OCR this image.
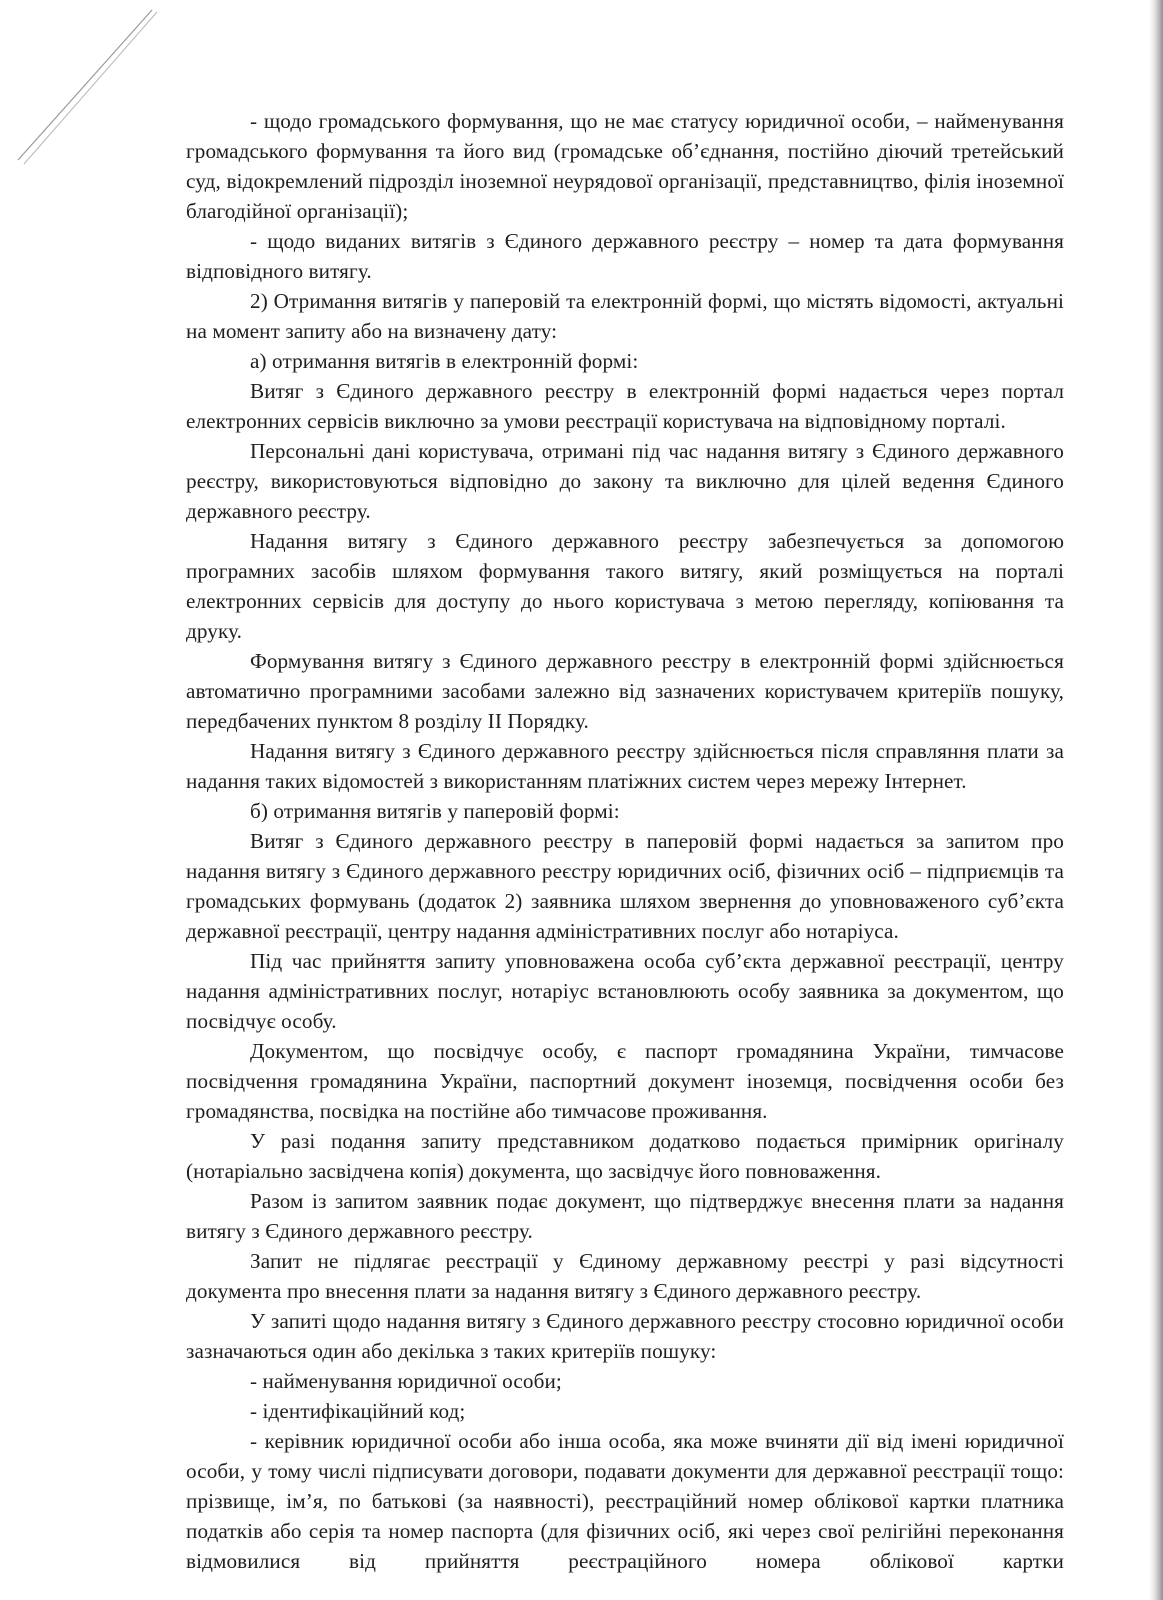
- щодо громадського формування, що не має статусу юридичної особи, – найменування громадського формування та його вид (громадське об’єднання, постійно діючий третейський суд, відокремлений підрозділ іноземної неурядової організації, представництво, філія іноземної благодійної організації);

- щодо виданих витягів з Єдиного державного реєстру – номер та дата формування відповідного витягу.

2) Отримання витягів у паперовій та електронній формі, що містять відомості, актуальні на момент запиту або на визначену дату:

а) отримання витягів в електронній формі:

Витяг з Єдиного державного реєстру в електронній формі надається через портал електронних сервісів виключно за умови реєстрації користувача на відповідному порталі.

Персональні дані користувача, отримані під час надання витягу з Єдиного державного реєстру, використовуються відповідно до закону та виключно для цілей ведення Єдиного державного реєстру.

Надання витягу з Єдиного державного реєстру забезпечується за допомогою програмних засобів шляхом формування такого витягу, який розміщується на порталі електронних сервісів для доступу до нього користувача з метою перегляду, копіювання та друку.

Формування витягу з Єдиного державного реєстру в електронній формі здійснюється автоматично програмними засобами залежно від зазначених користувачем критеріїв пошуку, передбачених пунктом 8 розділу II Порядку.

Надання витягу з Єдиного державного реєстру здійснюється після справляння плати за надання таких відомостей з використанням платіжних систем через мережу Інтернет.

б) отримання витягів у паперовій формі:

Витяг з Єдиного державного реєстру в паперовій формі надається за запитом про надання витягу з Єдиного державного реєстру юридичних осіб, фізичних осіб – підприємців та громадських формувань (додаток 2) заявника шляхом звернення до уповноваженого суб’єкта державної реєстрації, центру надання адміністративних послуг або нотаріуса.

Під час прийняття запиту уповноважена особа суб’єкта державної реєстрації, центру надання адміністративних послуг, нотаріус встановлюють особу заявника за документом, що посвідчує особу.

Документом, що посвідчує особу, є паспорт громадянина України, тимчасове посвідчення громадянина України, паспортний документ іноземця, посвідчення особи без громадянства, посвідка на постійне або тимчасове проживання.

У разі подання запиту представником додатково подається примірник оригіналу (нотаріально засвідчена копія) документа, що засвідчує його повноваження.

Разом із запитом заявник подає документ, що підтверджує внесення плати за надання витягу з Єдиного державного реєстру.

Запит не підлягає реєстрації у Єдиному державному реєстрі у разі відсутності документа про внесення плати за надання витягу з Єдиного державного реєстру.

У запиті щодо надання витягу з Єдиного державного реєстру стосовно юридичної особи зазначаються один або декілька з таких критеріїв пошуку:

- найменування юридичної особи;

- ідентифікаційний код;

- керівник юридичної особи або інша особа, яка може вчиняти дії від імені юридичної особи, у тому числі підписувати договори, подавати документи для державної реєстрації тощо: прізвище, ім’я, по батькові (за наявності), реєстраційний номер облікової картки платника податків або серія та номер паспорта (для фізичних осіб, які через свої релігійні переконання відмовилися від прийняття реєстраційного номера облікової картки
